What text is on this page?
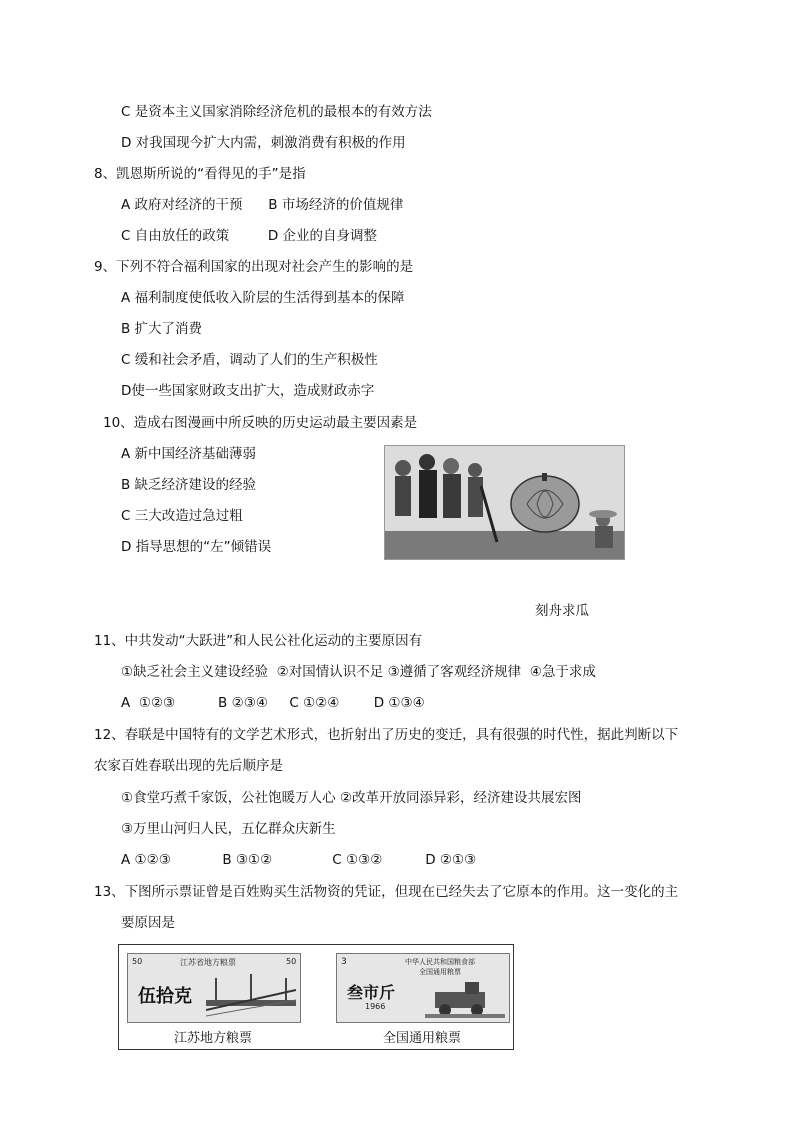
C 是资本主义国家消除经济危机的最根本的有效方法
D 对我国现今扩大内需，刺激消费有积极的作用
8、凯恩斯所说的“看得见的手”是指
A 政府对经济的干预      B 市场经济的价值规律
C 自由放任的政策         D 企业的自身调整
9、下列不符合福利国家的出现对社会产生的影响的是
A 福利制度使低收入阶层的生活得到基本的保障
B 扩大了消费
C 缓和社会矛盾，调动了人们的生产积极性
D使一些国家财政支出扩大，造成财政赤字
10、造成右图漫画中所反映的历史运动最主要因素是
A 新中国经济基础薄弱
B 缺乏经济建设的经验
C 三大改造过急过粗
D 指导思想的“左”倾错误
刻舟求瓜
11、中共发动“大跃进”和人民公社化运动的主要原因有
①缺乏社会主义建设经验  ②对国情认识不足 ③遵循了客观经济规律  ④急于求成
A  ①②③          B ②③④     C ①②④        D ①③④
12、春联是中国特有的文学艺术形式，也折射出了历史的变迁，具有很强的时代性，据此判断以下
农家百姓春联出现的先后顺序是
①食堂巧煮千家饭，公社饱暖万人心 ②改革开放同添异彩，经济建设共展宏图
③万里山河归人民，五亿群众庆新生
A ①②③            B ③①②              C ①③②          D ②①③
13、下图所示票证曾是百姓购买生活物资的凭证，但现在已经失去了它原本的作用。这一变化的主
要原因是
50	江苏省地方粮票	50
伍拾克
江苏地方粮票
3	中华人民共和国粮食部
全国通用粮票
叁市斤
1966
全国通用粮票
